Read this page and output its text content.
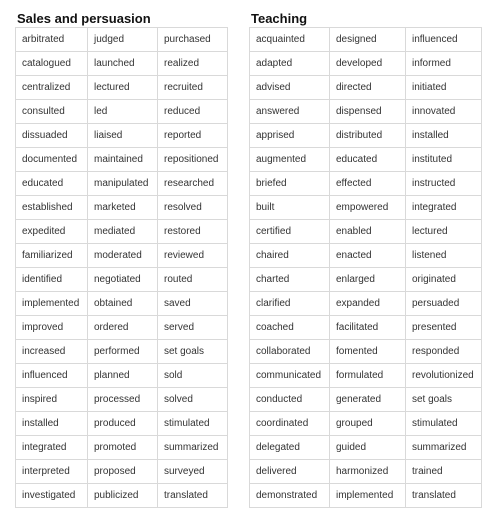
Sales and persuasion
arbitrated	judged	purchased
catalogued	launched	realized
centralized	lectured	recruited
consulted	led	reduced
dissuaded	liaised	reported
documented	maintained	repositioned
educated	manipulated	researched
established	marketed	resolved
expedited	mediated	restored
familiarized	moderated	reviewed
identified	negotiated	routed
implemented	obtained	saved
improved	ordered	served
increased	performed	set goals
influenced	planned	sold
inspired	processed	solved
installed	produced	stimulated
integrated	promoted	summarized
interpreted	proposed	surveyed
investigated	publicized	translated
Teaching
acquainted	designed	influenced
adapted	developed	informed
advised	directed	initiated
answered	dispensed	innovated
apprised	distributed	installed
augmented	educated	instituted
briefed	effected	instructed
built	empowered	integrated
certified	enabled	lectured
chaired	enacted	listened
charted	enlarged	originated
clarified	expanded	persuaded
coached	facilitated	presented
collaborated	fomented	responded
communicated	formulated	revolutionized
conducted	generated	set goals
coordinated	grouped	stimulated
delegated	guided	summarized
delivered	harmonized	trained
demonstrated	implemented	translated
